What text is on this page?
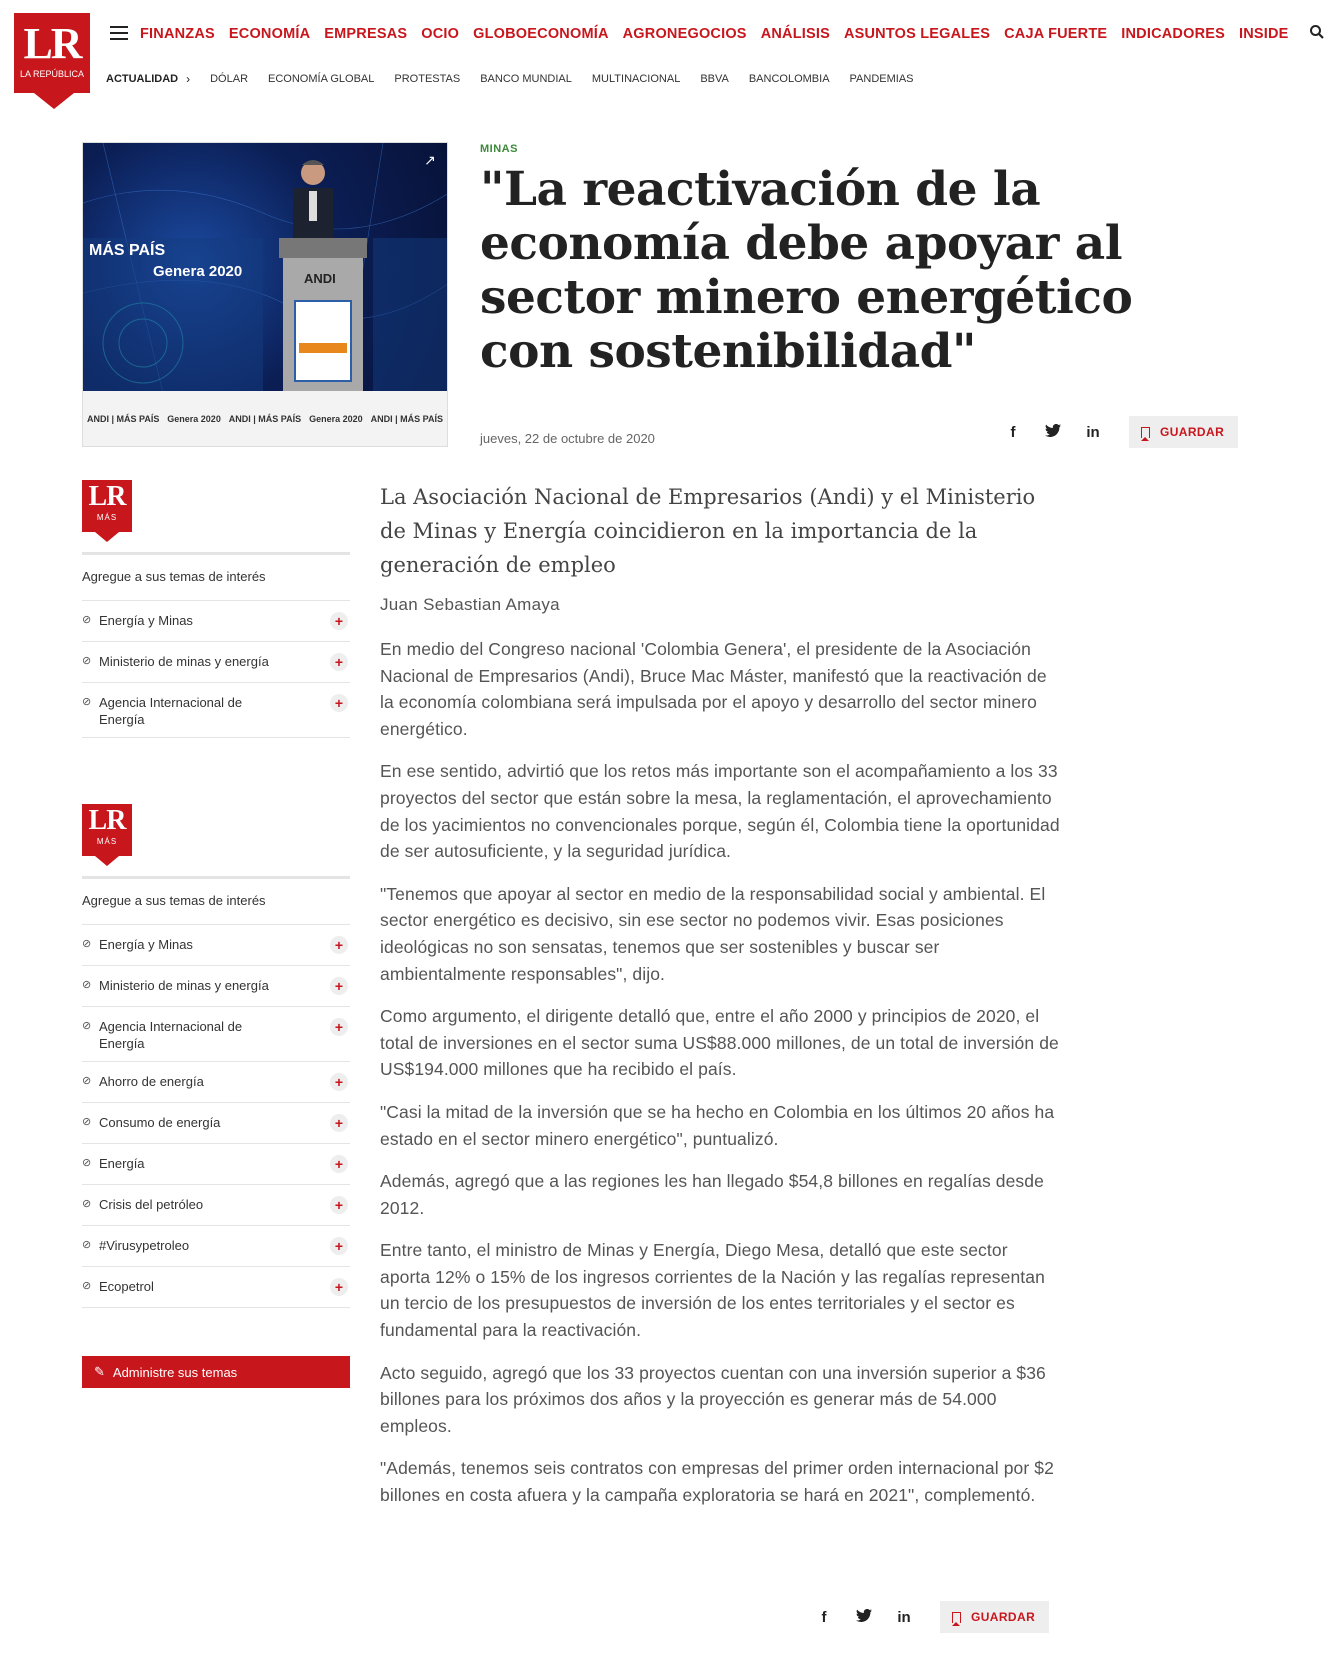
LR
LA REPÚBLICA
FINANZAS ECONOMÍA EMPRESAS OCIO GLOBOECONOMÍA AGRONEGOCIOS ANÁLISIS ASUNTOS LEGALES CAJA FUERTE INDICADORES INSIDE
ACTUALIDAD › DÓLAR ECONOMÍA GLOBAL PROTESTAS BANCO MUNDIAL MULTINACIONAL BBVA BANCOLOMBIA PANDEMIAS
MÁS PAÍS
Genera 2020	ANDI
ANDI | MÁS PAÍS Genera 2020 ANDI | MÁS PAÍS Genera 2020 ANDI | MÁS PAÍS
↗
MINAS
"La reactivación de la economía debe apoyar al sector minero energético con sostenibilidad"
jueves, 22 de octubre de 2020	f	in	GUARDAR
LR
MÁS
Agregue a sus temas de interés
⊘ Energía y Minas	+
⊘ Ministerio de minas y energía	+
⊘ Agencia Internacional de Energía
+
LR
MÁS
Agregue a sus temas de interés
⊘ Energía y Minas	+
⊘ Ministerio de minas y energía	+
⊘ Agencia Internacional de Energía
+
⊘ Ahorro de energía	+
⊘ Consumo de energía	+
⊘ Energía	+
⊘ Crisis del petróleo	+
⊘ #Virusypetroleo	+
⊘ Ecopetrol	+
✎ Administre sus temas
La Asociación Nacional de Empresarios (Andi) y el Ministerio de Minas y Energía coincidieron en la importancia de la generación de empleo
Juan Sebastian Amaya

En medio del Congreso nacional 'Colombia Genera', el presidente de la Asociación Nacional de Empresarios (Andi), Bruce Mac Máster, manifestó que la reactivación de la economía colombiana será impulsada por el apoyo y desarrollo del sector minero energético.

En ese sentido, advirtió que los retos más importante son el acompañamiento a los 33 proyectos del sector que están sobre la mesa, la reglamentación, el aprovechamiento de los yacimientos no convencionales porque, según él, Colombia tiene la oportunidad de ser autosuficiente, y la seguridad jurídica.

"Tenemos que apoyar al sector en medio de la responsabilidad social y ambiental. El sector energético es decisivo, sin ese sector no podemos vivir. Esas posiciones ideológicas no son sensatas, tenemos que ser sostenibles y buscar ser ambientalmente responsables", dijo.

Como argumento, el dirigente detalló que, entre el año 2000 y principios de 2020, el total de inversiones en el sector suma US$88.000 millones, de un total de inversión de US$194.000 millones que ha recibido el país.

"Casi la mitad de la inversión que se ha hecho en Colombia en los últimos 20 años ha estado en el sector minero energético", puntualizó.

Además, agregó que a las regiones les han llegado $54,8 billones en regalías desde 2012.

Entre tanto, el ministro de Minas y Energía, Diego Mesa, detalló que este sector aporta 12% o 15% de los ingresos corrientes de la Nación y las regalías representan un tercio de los presupuestos de inversión de los entes territoriales y el sector es fundamental para la reactivación.

Acto seguido, agregó que los 33 proyectos cuentan con una inversión superior a $36 billones para los próximos dos años y la proyección es generar más de 54.000 empleos.

"Además, tenemos seis contratos con empresas del primer orden internacional por $2 billones en costa afuera y la campaña exploratoria se hará en 2021", complementó.

f	in	GUARDAR
